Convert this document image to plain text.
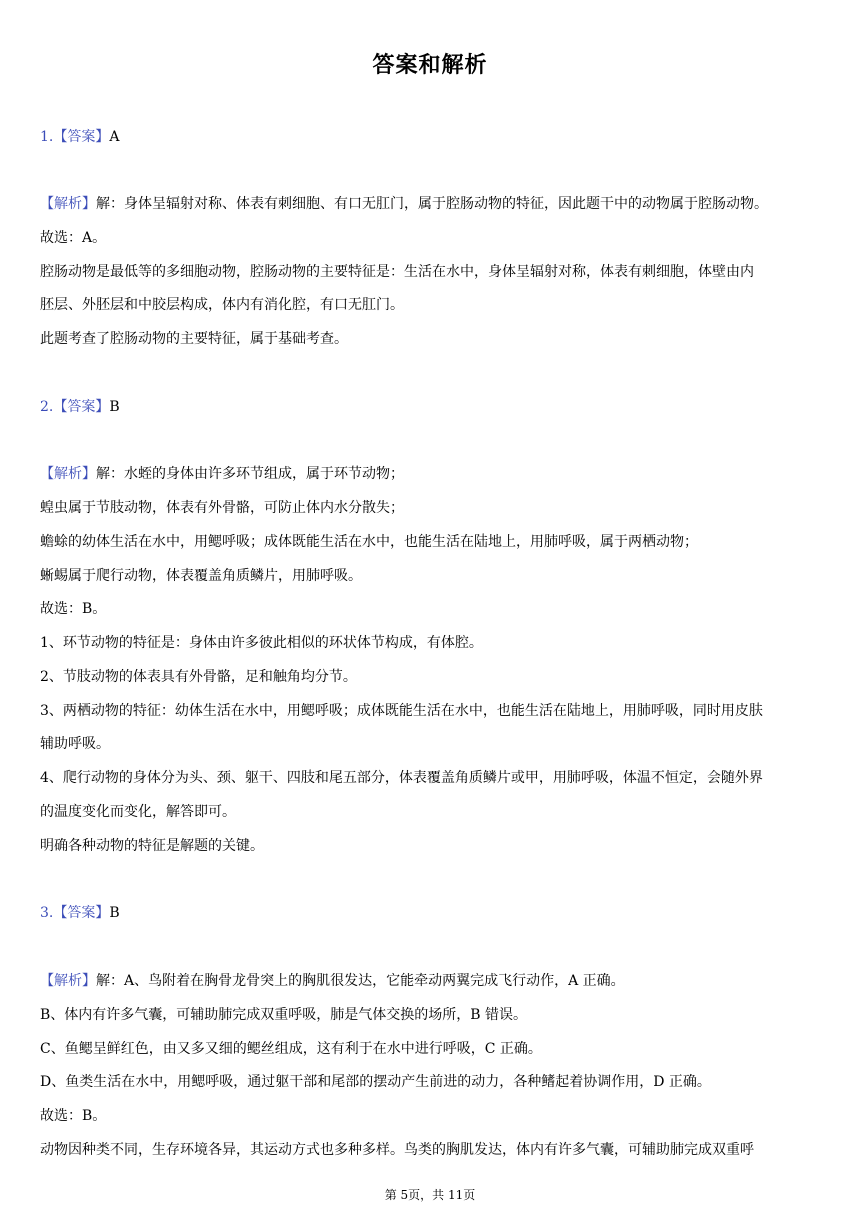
答案和解析
1.【答案】A
【解析】解：身体呈辐射对称、体表有刺细胞、有口无肛门，属于腔肠动物的特征，因此题干中的动物属于腔肠动物。
故选：A。
腔肠动物是最低等的多细胞动物，腔肠动物的主要特征是：生活在水中，身体呈辐射对称，体表有刺细胞，体壁由内
胚层、外胚层和中胶层构成，体内有消化腔，有口无肛门。
此题考查了腔肠动物的主要特征，属于基础考查。
2.【答案】B
【解析】解：水蛭的身体由许多环节组成，属于环节动物；
蝗虫属于节肢动物，体表有外骨骼，可防止体内水分散失；
蟾蜍的幼体生活在水中，用鳃呼吸；成体既能生活在水中，也能生活在陆地上，用肺呼吸，属于两栖动物；
蜥蜴属于爬行动物，体表覆盖角质鳞片，用肺呼吸。
故选：B。
1、环节动物的特征是：身体由许多彼此相似的环状体节构成，有体腔。
2、节肢动物的体表具有外骨骼，足和触角均分节。
3、两栖动物的特征：幼体生活在水中，用鳃呼吸；成体既能生活在水中，也能生活在陆地上，用肺呼吸，同时用皮肤
辅助呼吸。
4、爬行动物的身体分为头、颈、躯干、四肢和尾五部分，体表覆盖角质鳞片或甲，用肺呼吸，体温不恒定，会随外界
的温度变化而变化，解答即可。
明确各种动物的特征是解题的关键。
3.【答案】B
【解析】解：A、鸟附着在胸骨龙骨突上的胸肌很发达，它能牵动两翼完成飞行动作，A 正确。
B、体内有许多气囊，可辅助肺完成双重呼吸，肺是气体交换的场所，B 错误。
C、鱼鳃呈鲜红色，由又多又细的鳃丝组成，这有利于在水中进行呼吸，C 正确。
D、鱼类生活在水中，用鳃呼吸，通过躯干部和尾部的摆动产生前进的动力，各种鳍起着协调作用，D 正确。
故选：B。
动物因种类不同，生存环境各异，其运动方式也多种多样。鸟类的胸肌发达，体内有许多气囊，可辅助肺完成双重呼
第 5页，共 11页
